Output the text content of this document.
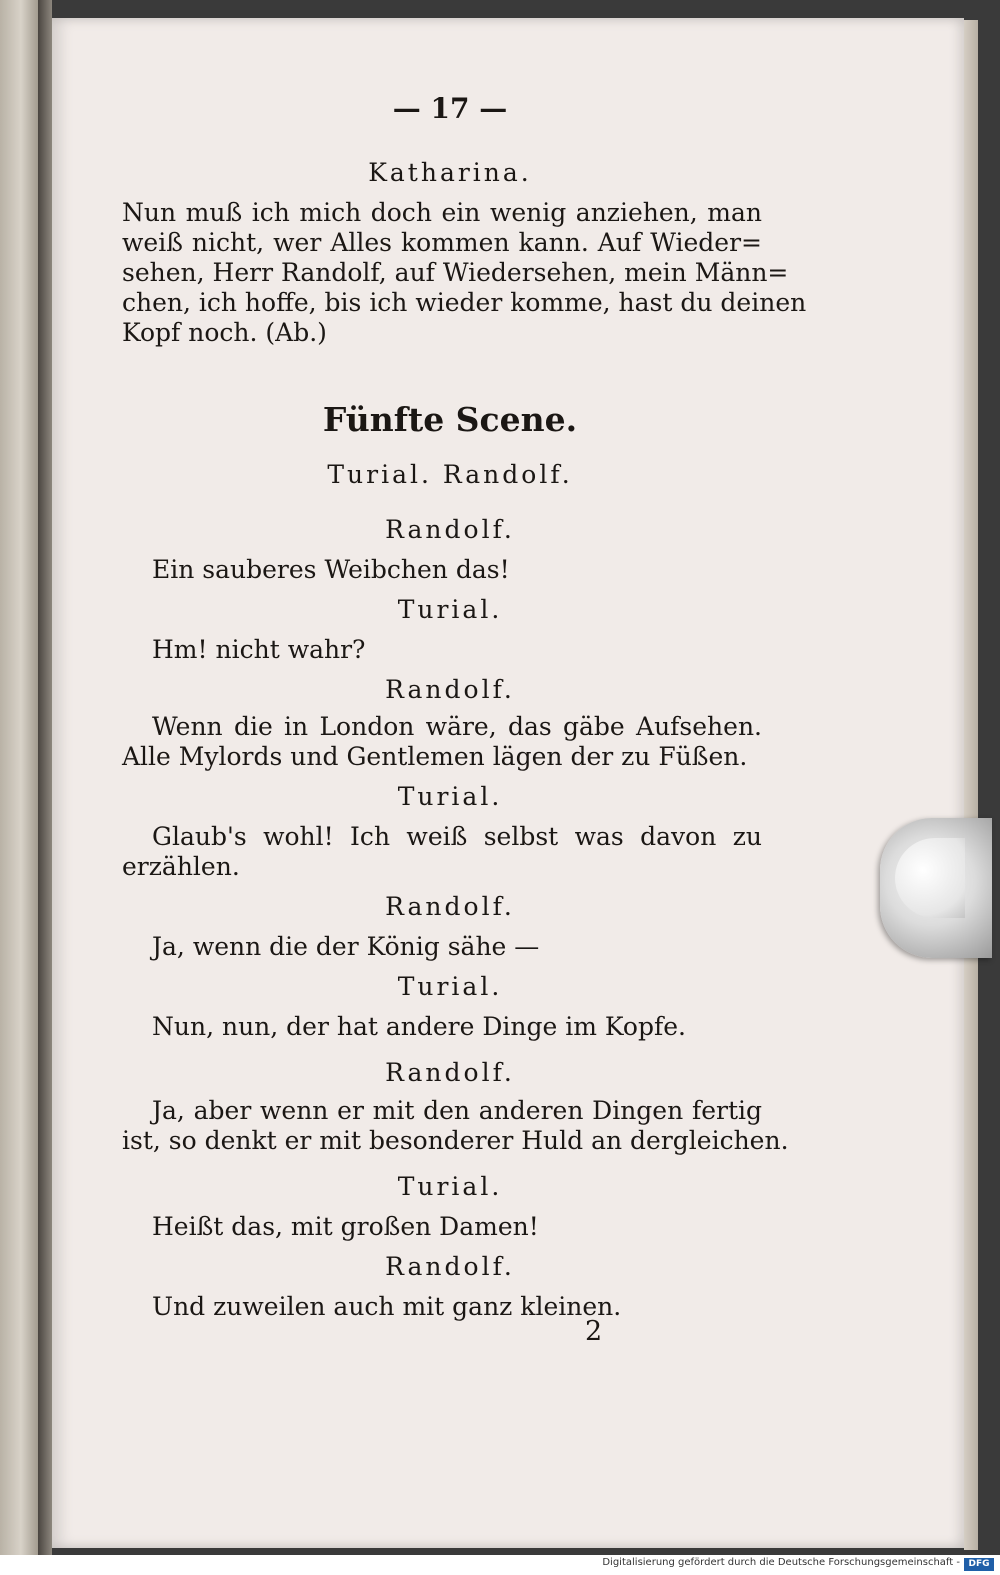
— 17 —
Katharina.
Nun muß ich mich doch ein wenig anziehen, man
weiß nicht, wer Alles kommen kann. Auf Wieder=
sehen, Herr Randolf, auf Wiedersehen, mein Männ=
chen, ich hoffe, bis ich wieder komme, hast du deinen
Kopf noch. (Ab.)
Fünfte Scene.
Turial. Randolf.
Randolf.
Ein sauberes Weibchen das!
Turial.
Hm! nicht wahr?
Randolf.
Wenn die in London wäre, das gäbe Aufsehen.
Alle Mylords und Gentlemen lägen der zu Füßen.
Turial.
Glaub's wohl! Ich weiß selbst was davon zu
erzählen.
Randolf.
Ja, wenn die der König sähe —
Turial.
Nun, nun, der hat andere Dinge im Kopfe.
Randolf.
Ja, aber wenn er mit den anderen Dingen fertig
ist, so denkt er mit besonderer Huld an dergleichen.
Turial.
Heißt das, mit großen Damen!
Randolf.
Und zuweilen auch mit ganz kleinen.
2
Digitalisierung gefördert durch die Deutsche Forschungsgemeinschaft - DFG
